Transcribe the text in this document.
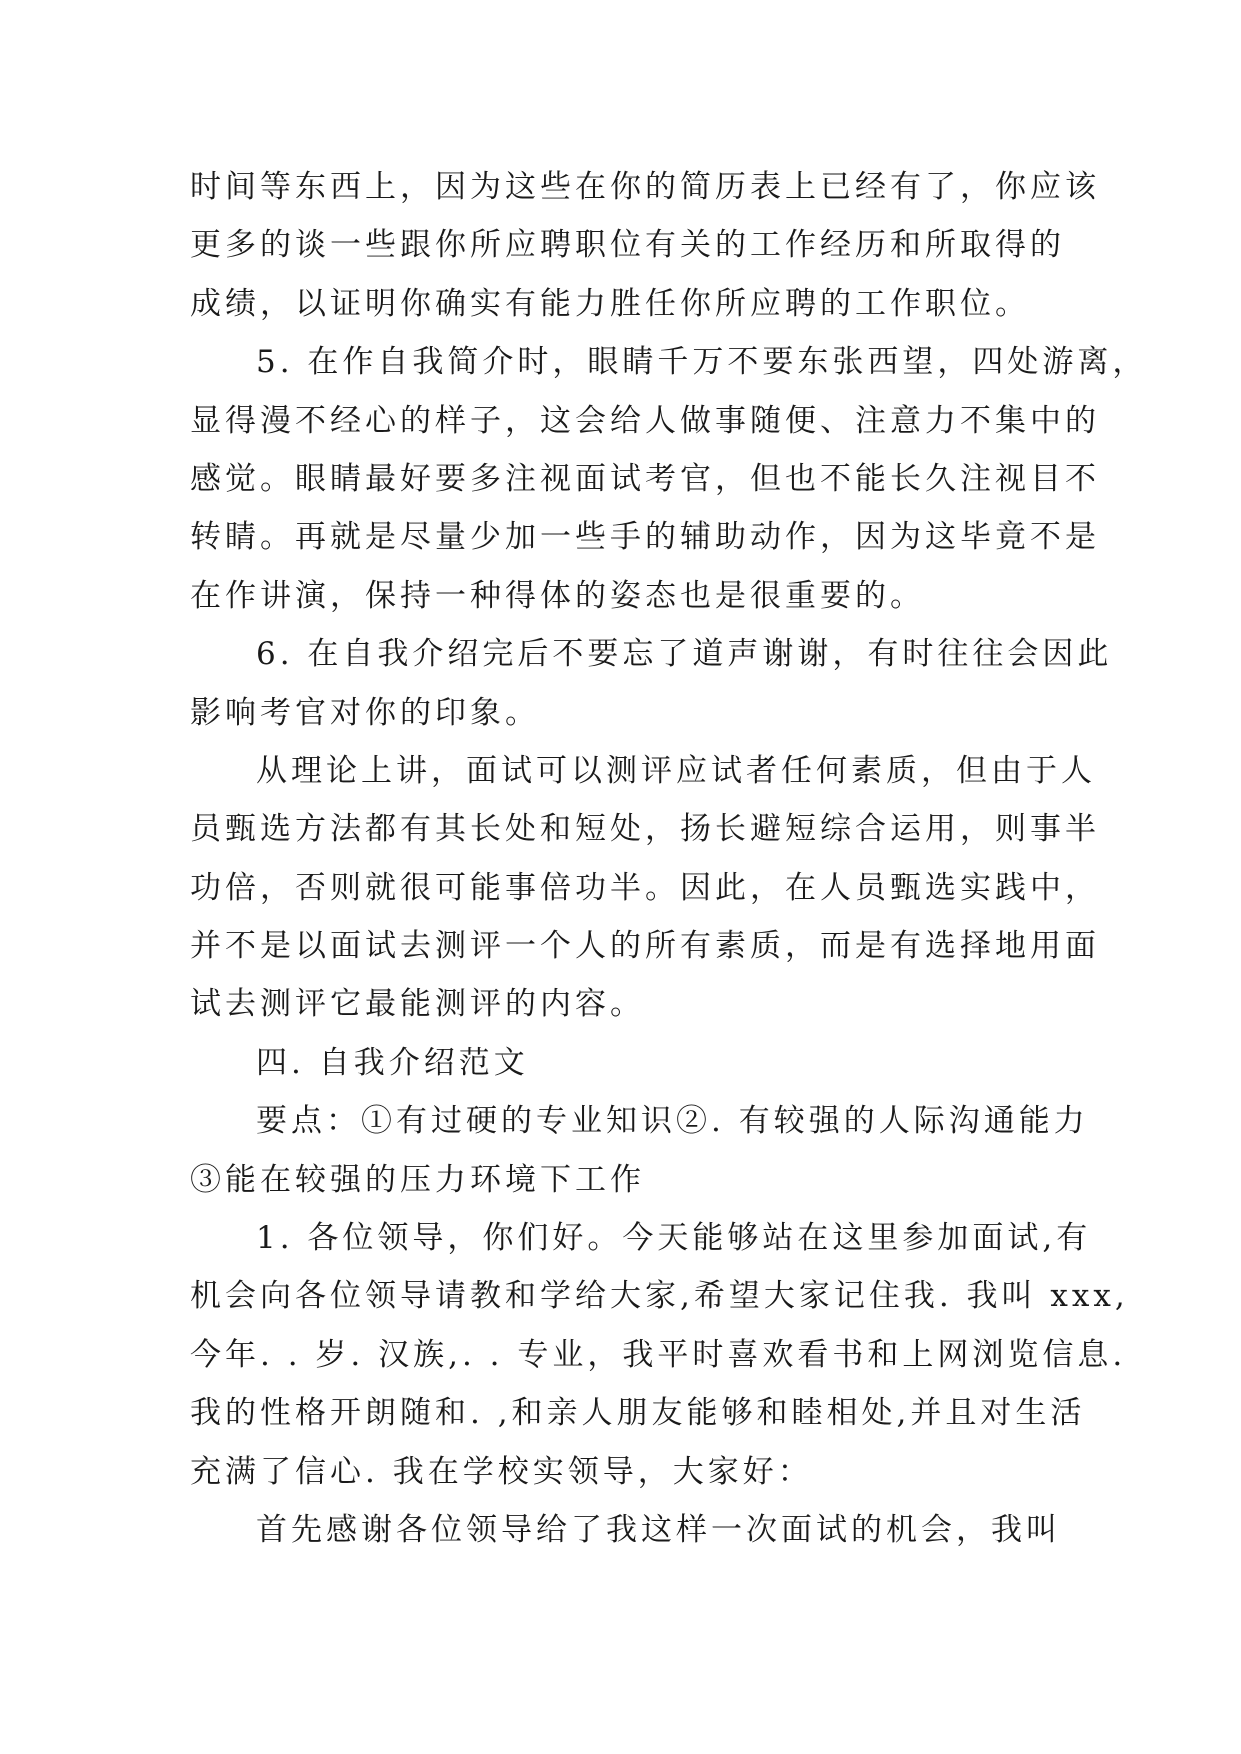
时间等东西上，因为这些在你的简历表上已经有了，你应该
更多的谈一些跟你所应聘职位有关的工作经历和所取得的
成绩，以证明你确实有能力胜任你所应聘的工作职位。
5. 在作自我简介时，眼睛千万不要东张西望，四处游离，
显得漫不经心的样子，这会给人做事随便、注意力不集中的
感觉。眼睛最好要多注视面试考官，但也不能长久注视目不
转睛。再就是尽量少加一些手的辅助动作，因为这毕竟不是
在作讲演，保持一种得体的姿态也是很重要的。
6. 在自我介绍完后不要忘了道声谢谢，有时往往会因此
影响考官对你的印象。
从理论上讲，面试可以测评应试者任何素质，但由于人
员甄选方法都有其长处和短处，扬长避短综合运用，则事半
功倍，否则就很可能事倍功半。因此，在人员甄选实践中，
并不是以面试去测评一个人的所有素质，而是有选择地用面
试去测评它最能测评的内容。
四. 自我介绍范文
要点：①有过硬的专业知识②. 有较强的人际沟通能力
③能在较强的压力环境下工作
1. 各位领导，你们好。今天能够站在这里参加面试,有
机会向各位领导请教和学给大家,希望大家记住我. 我叫 xxx,
今年. . 岁. 汉族,. . 专业，我平时喜欢看书和上网浏览信息.
我的性格开朗随和. ,和亲人朋友能够和睦相处,并且对生活
充满了信心. 我在学校实领导，大家好：
首先感谢各位领导给了我这样一次面试的机会，我叫
